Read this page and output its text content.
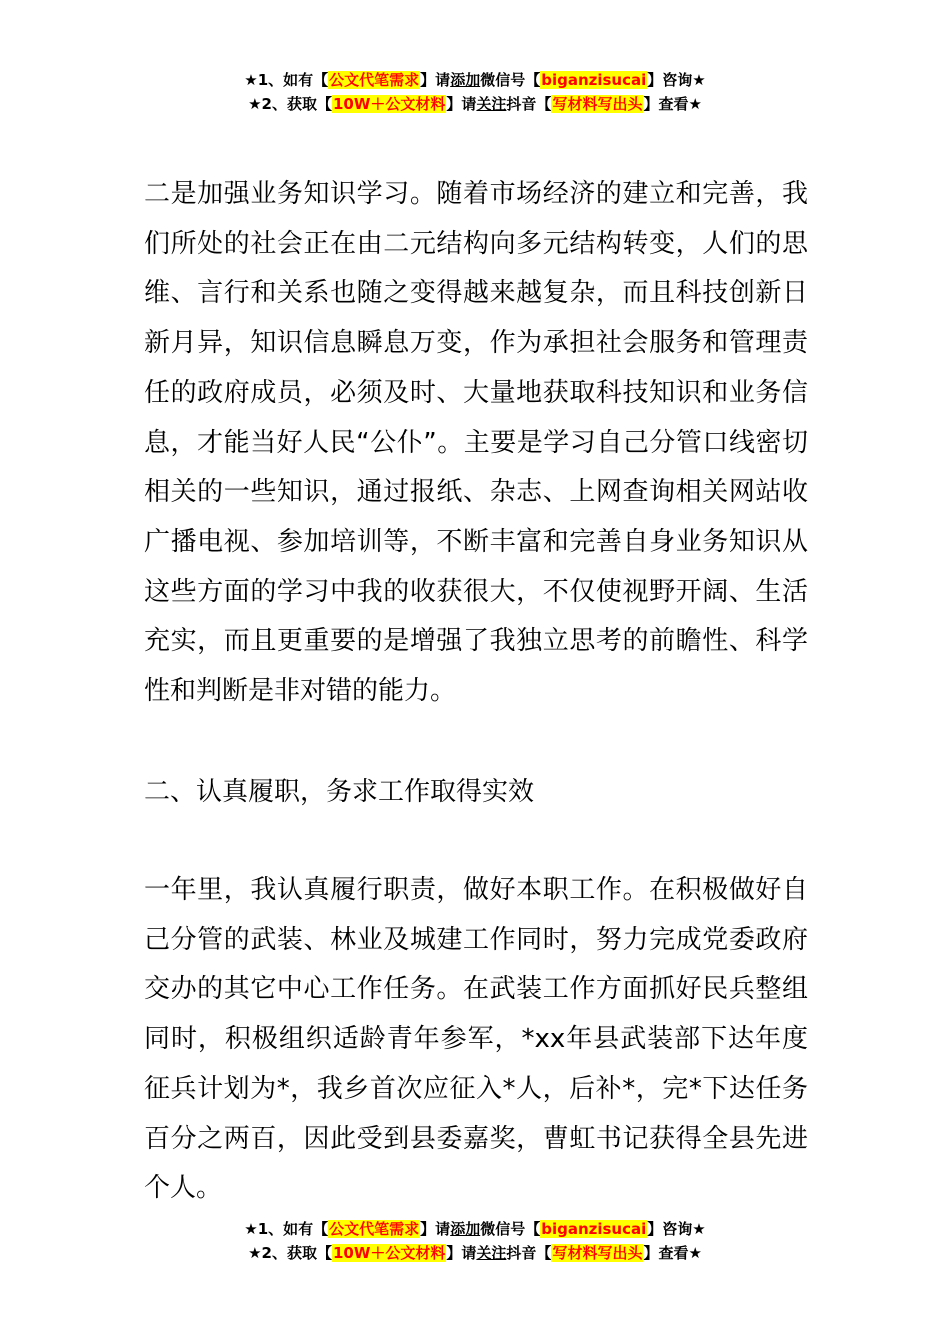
★1、如有【公文代笔需求】请添加微信号【biganzisucai】咨询★
★2、获取【10W＋公文材料】请关注抖音【写材料写出头】查看★

二是加强业务知识学习。随着市场经济的建立和完善，我们所处的社会正在由二元结构向多元结构转变，人们的思维、言行和关系也随之变得越来越复杂，而且科技创新日新月异，知识信息瞬息万变，作为承担社会服务和管理责任的政府成员，必须及时、大量地获取科技知识和业务信息，才能当好人民“公仆”。主要是学习自己分管口线密切相关的一些知识，通过报纸、杂志、上网查询相关网站收广播电视、参加培训等，不断丰富和完善自身业务知识从这些方面的学习中我的收获很大，不仅使视野开阔、生活充实，而且更重要的是增强了我独立思考的前瞻性、科学性和判断是非对错的能力。

二、认真履职，务求工作取得实效

一年里，我认真履行职责，做好本职工作。在积极做好自己分管的武装、林业及城建工作同时，努力完成党委政府交办的其它中心工作任务。在武装工作方面抓好民兵整组同时，积极组织适龄青年参军，*xx年县武装部下达年度征兵计划为*，我乡首次应征入*人，后补*，完*下达任务百分之两百，因此受到县委嘉奖，曹虹书记获得全县先进个人。

★1、如有【公文代笔需求】请添加微信号【biganzisucai】咨询★
★2、获取【10W＋公文材料】请关注抖音【写材料写出头】查看★
